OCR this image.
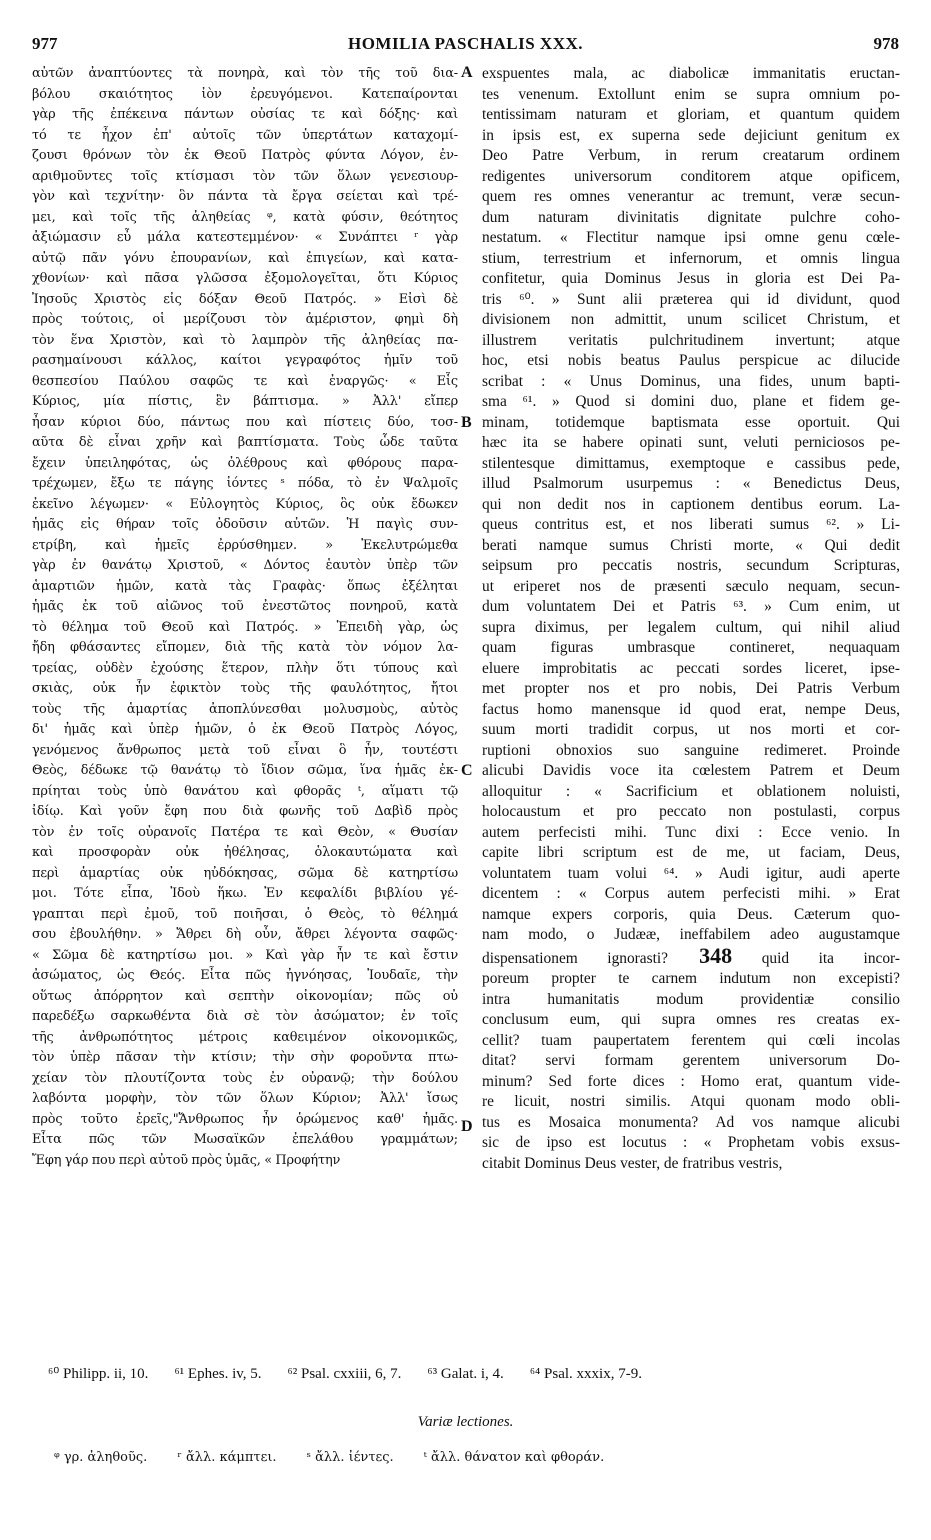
977	HOMILIA PASCHALIS XXX.	978
αὐτῶν ἀναπτύοντες τὰ πονηρὰ, καὶ τὸν τῆς τοῦ δια-
βόλου σκαιότητος ἰὸν ἐρευγόμενοι. Κατεπαίρονται
γὰρ τῆς ἐπέκεινα πάντων οὐσίας τε καὶ δόξης· καὶ
τό τε ἦχον ἐπ' αὐτοῖς τῶν ὑπερτάτων καταχομί-
ζουσι θρόνων τὸν ἐκ Θεοῦ Πατρὸς φύντα Λόγον, ἐν-
αριθμοῦντες τοῖς κτίσμασι τὸν τῶν ὅλων γενεσιουρ-
γὸν καὶ τεχνίτην· ὃν πάντα τὰ ἔργα σείεται καὶ τρέ-
μει, καὶ τοῖς τῆς ἀληθείας ᵠ, κατὰ φύσιν, θεότητος
ἀξιώμασιν εὖ μάλα κατεστεμμένον· « Συνάπτει ʳ γὰρ
αὐτῷ πᾶν γόνυ ἐπουρανίων, καὶ ἐπιγείων, καὶ κατα-
χθονίων· καὶ πᾶσα γλῶσσα ἐξομολογεῖται, ὅτι Κύριος
Ἰησοῦς Χριστὸς εἰς δόξαν Θεοῦ Πατρός. » Εἰσὶ δὲ
πρὸς τούτοις, οἱ μερίζουσι τὸν ἀμέριστον, φημὶ δὴ
τὸν ἕνα Χριστὸν, καὶ τὸ λαμπρὸν τῆς ἀληθείας πα-
ρασημαίνουσι κάλλος, καίτοι γεγραφότος ἡμῖν τοῦ
θεσπεσίου Παύλου σαφῶς τε καὶ ἐναργῶς· « Εἷς
Κύριος, μία πίστις, ἓν βάπτισμα. » Ἀλλ' εἴπερ
ἦσαν κύριοι δύο, πάντως που καὶ πίστεις δύο, τοσ-
αῦτα δὲ εἶναι χρῆν καὶ βαπτίσματα. Τοὺς ὧδε ταῦτα
ἔχειν ὑπειληφότας, ὡς ὀλέθρους καὶ φθόρους παρα-
τρέχωμεν, ἔξω τε πάγης ἰόντες ˢ πόδα, τὸ ἐν Ψαλμοῖς
ἐκεῖνο λέγωμεν· « Εὐλογητὸς Κύριος, ὃς οὐκ ἔδωκεν
ἡμᾶς εἰς θήραν τοῖς ὀδοῦσιν αὐτῶν. Ἡ παγὶς συν-
ετρίβη, καὶ ἡμεῖς ἐρρύσθημεν. » Ἐκελυτρώμεθα
γὰρ ἐν θανάτῳ Χριστοῦ, « Δόντος ἑαυτὸν ὑπὲρ τῶν
ἁμαρτιῶν ἡμῶν, κατὰ τὰς Γραφὰς· ὅπως ἐξέληται
ἡμᾶς ἐκ τοῦ αἰῶνος τοῦ ἐνεστῶτος πονηροῦ, κατὰ
τὸ θέλημα τοῦ Θεοῦ καὶ Πατρός. » Ἐπειδὴ γὰρ, ὡς
ἤδη φθάσαντες εἴπομεν, διὰ τῆς κατὰ τὸν νόμον λα-
τρείας, οὐδὲν ἐχούσης ἕτερον, πλὴν ὅτι τύπους καὶ
σκιὰς, οὐκ ἦν ἐφικτὸν τοὺς τῆς φαυλότητος, ἤτοι
τοὺς τῆς ἁμαρτίας ἀποπλύνεσθαι μολυσμοὺς, αὐτὸς
δι' ἡμᾶς καὶ ὑπὲρ ἡμῶν, ὁ ἐκ Θεοῦ Πατρὸς Λόγος,
γενόμενος ἄνθρωπος μετὰ τοῦ εἶναι ὃ ἦν, τουτέστι
Θεὸς, δέδωκε τῷ θανάτῳ τὸ ἴδιον σῶμα, ἵνα ἡμᾶς ἐκ-
πρίηται τοὺς ὑπὸ θανάτου καὶ φθορᾶς ᵗ, αἵματι τῷ
ἰδίῳ. Καὶ γοῦν ἔφη που διὰ φωνῆς τοῦ Δαβὶδ πρὸς
τὸν ἐν τοῖς οὐρανοῖς Πατέρα τε καὶ Θεὸν, « Θυσίαν
καὶ προσφορὰν οὐκ ἠθέλησας, ὁλοκαυτώματα καὶ
περὶ ἁμαρτίας οὐκ ηὐδόκησας, σῶμα δὲ κατηρτίσω
μοι. Τότε εἶπα, Ἰδοὺ ἥκω. Ἐν κεφαλίδι βιβλίου γέ-
γραπται περὶ ἐμοῦ, τοῦ ποιῆσαι, ὁ Θεὸς, τὸ θέλημά
σου ἐβουλήθην. » Ἄθρει δὴ οὖν, ἄθρει λέγοντα σαφῶς·
« Σῶμα δὲ κατηρτίσω μοι. » Καὶ γὰρ ἦν τε καὶ ἔστιν
ἀσώματος, ὡς Θεός. Εἶτα πῶς ἠγνόησας, Ἰουδαῖε, τὴν
οὕτως ἀπόρρητον καὶ σεπτὴν οἰκονομίαν; πῶς οὐ
παρεδέξω σαρκωθέντα διὰ σὲ τὸν ἀσώματον; ἐν τοῖς
τῆς ἀνθρωπότητος μέτροις καθειμένον οἰκονομικῶς,
τὸν ὑπὲρ πᾶσαν τὴν κτίσιν; τὴν σὴν φοροῦντα πτω-
χείαν τὸν πλουτίζοντα τοὺς ἐν οὐρανῷ; τὴν δούλου
λαβόντα μορφὴν, τὸν τῶν ὅλων Κύριον; Ἀλλ' ἴσως
πρὸς τοῦτο ἐρεῖς,"Ἄνθρωπος ἦν ὁρώμενος καθ' ἡμᾶς.
Εἶτα πῶς τῶν Μωσαϊκῶν ἐπελάθου γραμμάτων;
Ἔφη γάρ που περὶ αὐτοῦ πρὸς ὑμᾶς, « Προφήτην
exspuentes mala, ac diabolicæ immanitatis eructan-
tes venenum. Extollunt enim se supra omnium po-
tentissimam naturam et gloriam, et quantum quidem
in ipsis est, ex superna sede dejiciunt genitum ex
Deo Patre Verbum, in rerum creatarum ordinem
redigentes universorum conditorem atque opificem,
quem res omnes venerantur ac tremunt, veræ secun-
dum naturam divinitatis dignitate pulchre coho-
nestatum. « Flectitur namque ipsi omne genu cœle-
stium, terrestrium et infernorum, et omnis lingua
confitetur, quia Dominus Jesus in gloria est Dei Pa-
tris ⁶⁰. » Sunt alii præterea qui id dividunt, quod
divisionem non admittit, unum scilicet Christum, et
illustrem veritatis pulchritudinem invertunt; atque
hoc, etsi nobis beatus Paulus perspicue ac dilucide
scribat : « Unus Dominus, una fides, unum bapti-
sma ⁶¹. » Quod si domini duo, plane et fidem ge-
minam, totidemque baptismata esse oportuit. Qui
hæc ita se habere opinati sunt, veluti perniciosos pe-
stilentesque dimittamus, exemptoque e cassibus pede,
illud Psalmorum usurpemus : « Benedictus Deus,
qui non dedit nos in captionem dentibus eorum. La-
queus contritus est, et nos liberati sumus ⁶². » Li-
berati namque sumus Christi morte, « Qui dedit
seipsum pro peccatis nostris, secundum Scripturas,
ut eriperet nos de præsenti sæculo nequam, secun-
dum voluntatem Dei et Patris ⁶³. » Cum enim, ut
supra diximus, per legalem cultum, qui nihil aliud
quam figuras umbrasque contineret, nequaquam
eluere improbitatis ac peccati sordes liceret, ipse-
met propter nos et pro nobis, Dei Patris Verbum
factus homo manensque id quod erat, nempe Deus,
suum morti tradidit corpus, ut nos morti et cor-
ruptioni obnoxios suo sanguine redimeret. Proinde
alicubi Davidis voce ita cœlestem Patrem et Deum
alloquitur : « Sacrificium et oblationem noluisti,
holocaustum et pro peccato non postulasti, corpus
autem perfecisti mihi. Tunc dixi : Ecce venio. In
capite libri scriptum est de me, ut faciam, Deus,
voluntatem tuam volui ⁶⁴. » Audi igitur, audi aperte
dicentem : « Corpus autem perfecisti mihi. » Erat
namque expers corporis, quia Deus. Cæterum quo-
nam modo, o Judææ, ineffabilem adeo augustamque
dispensationem ignorasti? 348 quid ita incor-
poreum propter te carnem indutum non excepisti?
intra humanitatis modum providentiæ consilio
conclusum eum, qui supra omnes res creatas ex-
cellit? tuam paupertatem ferentem qui cœli incolas
ditat? servi formam gerentem universorum Do-
minum? Sed forte dices : Homo erat, quantum vide-
re licuit, nostri similis. Atqui quonam modo obli-
tus es Mosaica monumenta? Ad vos namque alicubi
sic de ipso est locutus : « Prophetam vobis exsus-
citabit Dominus Deus vester, de fratribus vestris,
A
B
C
D
⁶⁰ Philipp. ii, 10. ⁶¹ Ephes. iv, 5. ⁶² Psal. cxxiii, 6, 7. ⁶³ Galat. i, 4. ⁶⁴ Psal. xxxix, 7-9.
Variæ lectiones.
ᵠ γρ. ἀληθοῦς. ʳ ἄλλ. κάμπτει. ˢ ἄλλ. ἰέντες. ᵗ ἄλλ. θάνατον καὶ φθοράν.
